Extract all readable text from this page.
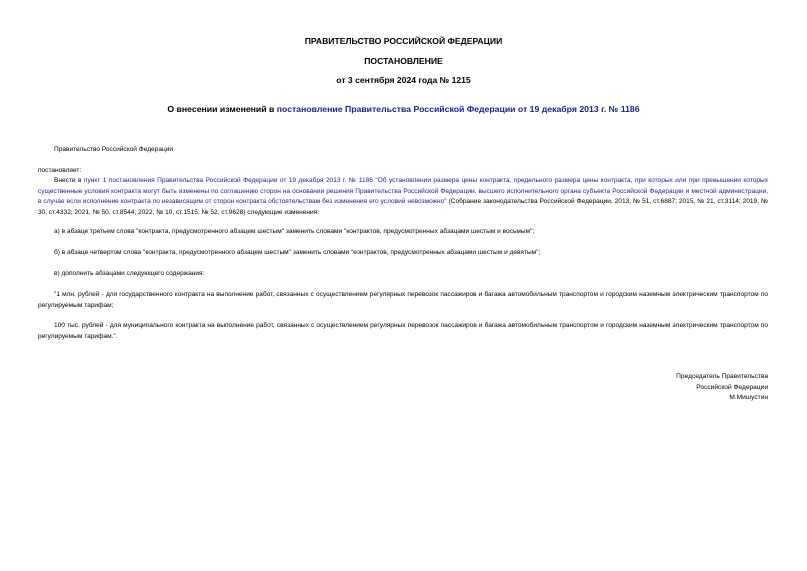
ПРАВИТЕЛЬСТВО РОССИЙСКОЙ ФЕДЕРАЦИИ
ПОСТАНОВЛЕНИЕ
от 3 сентября 2024 года № 1215
О внесении изменений в постановление Правительства Российской Федерации от 19 декабря 2013 г. № 1186
Правительство Российской Федерации
постановляет:
Внести в пункт 1 постановления Правительства Российской Федерации от 19 декабря 2013 г. № 1186 "Об установлении размера цены контракта, предельного размера цены контракта, при которых или при превышении которых существенные условия контракта могут быть изменены по соглашению сторон на основании решения Правительства Российской Федерации, высшего исполнительного органа субъекта Российской Федерации и местной администрации, в случае если исполнение контракта по независящим от сторон контракта обстоятельствам без изменения его условий невозможно" (Собрание законодательства Российской Федерации, 2013, № 51, ст.6887; 2015, № 21, ст.3114; 2019, № 30, ст.4332; 2021, № 50, ст.8544; 2022, № 10, ст.1515; № 52, ст.9628) следующие изменения:
а) в абзаце третьем слова "контракта, предусмотренного абзацем шестым" заменить словами "контрактов, предусмотренных абзацами шестым и восьмым";
б) в абзаце четвертом слова "контракта, предусмотренного абзацем шестым" заменить словами "контрактов, предусмотренных абзацами шестым и девятым";
в) дополнить абзацами следующего содержания:
"1 млн. рублей - для государственного контракта на выполнение работ, связанных с осуществлением регулярных перевозок пассажиров и багажа автомобильным транспортом и городским наземным электрическим транспортом по регулируемым тарифам;
100 тыс. рублей - для муниципального контракта на выполнение работ, связанных с осуществлением регулярных перевозок пассажиров и багажа автомобильным транспортом и городским наземным электрическим транспортом по регулируемым тарифам.".
Председатель Правительства
Российской Федерации
М.Мишустин
